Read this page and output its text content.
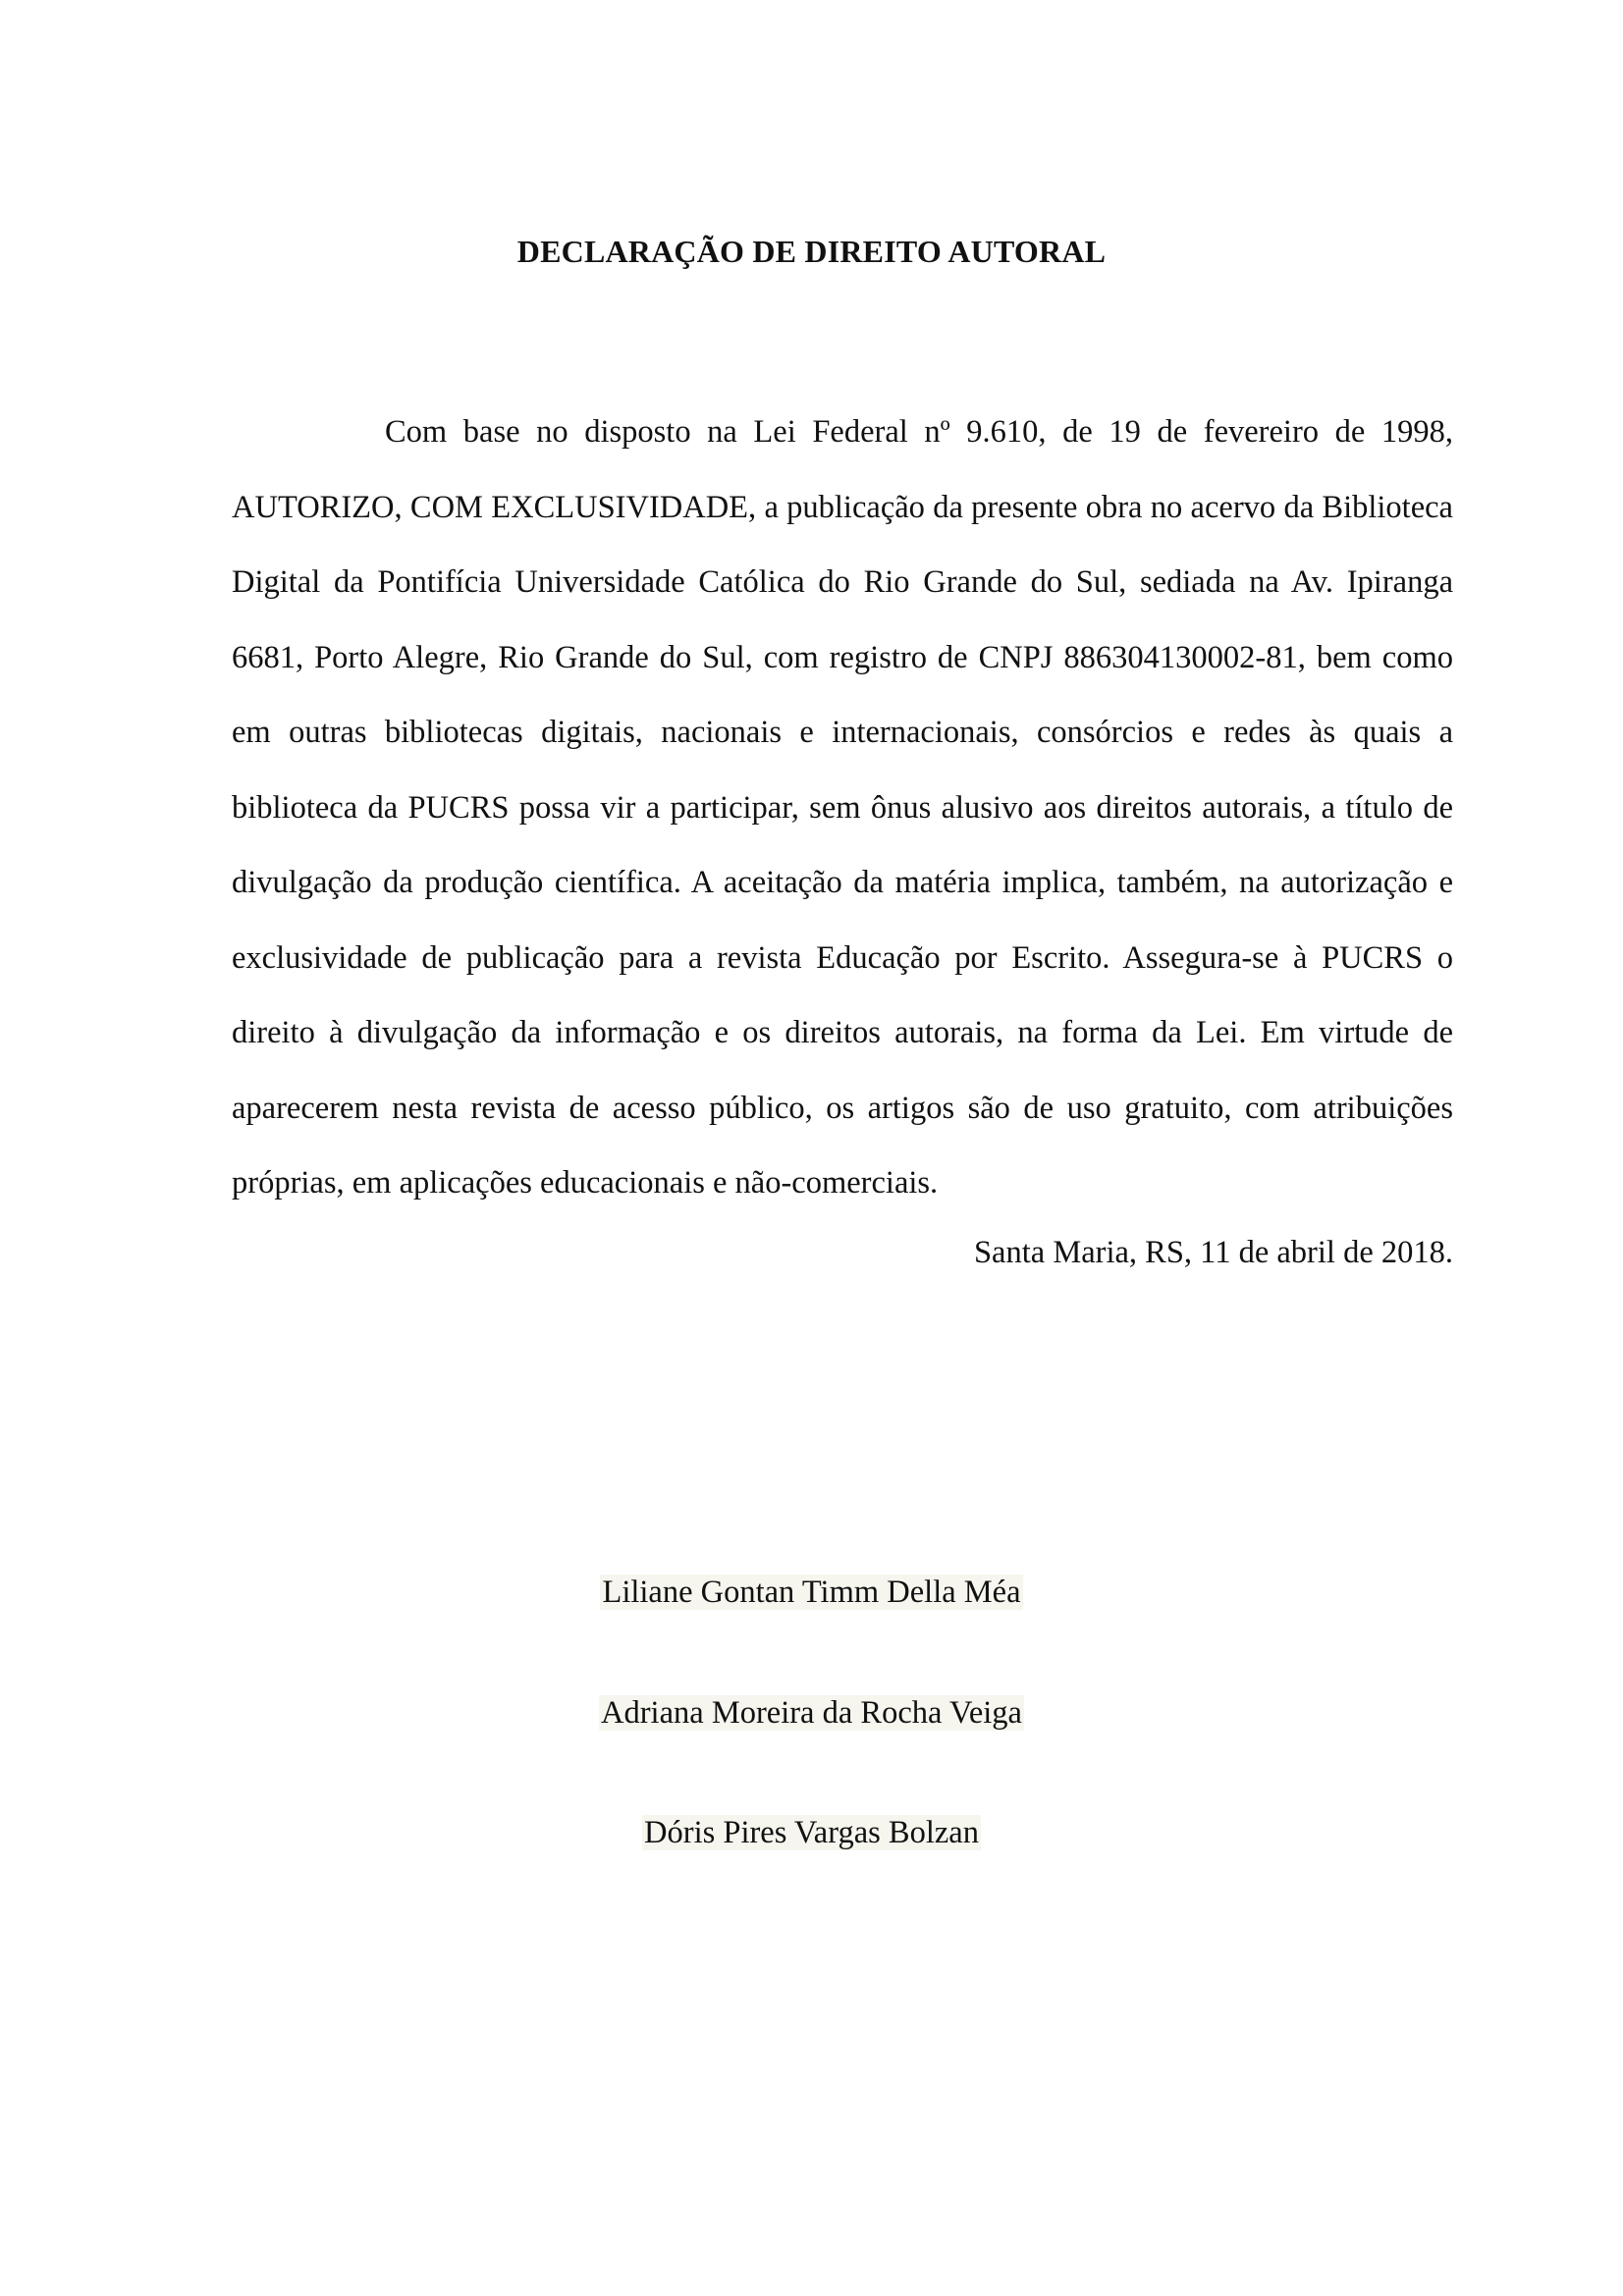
DECLARAÇÃO DE DIREITO AUTORAL

Com base no disposto na Lei Federal nº 9.610, de 19 de fevereiro de 1998, AUTORIZO, COM EXCLUSIVIDADE, a publicação da presente obra no acervo da Biblioteca Digital da Pontifícia Universidade Católica do Rio Grande do Sul, sediada na Av. Ipiranga 6681, Porto Alegre, Rio Grande do Sul, com registro de CNPJ 886304130002-81, bem como em outras bibliotecas digitais, nacionais e internacionais, consórcios e redes às quais a biblioteca da PUCRS possa vir a participar, sem ônus alusivo aos direitos autorais, a título de divulgação da produção científica. A aceitação da matéria implica, também, na autorização e exclusividade de publicação para a revista Educação por Escrito. Assegura-se à PUCRS o direito à divulgação da informação e os direitos autorais, na forma da Lei. Em virtude de aparecerem nesta revista de acesso público, os artigos são de uso gratuito, com atribuições próprias, em aplicações educacionais e não-comerciais.

Santa Maria, RS, 11 de abril de 2018.
Liliane Gontan Timm Della Méa
Adriana Moreira da Rocha Veiga
Dóris Pires Vargas Bolzan
